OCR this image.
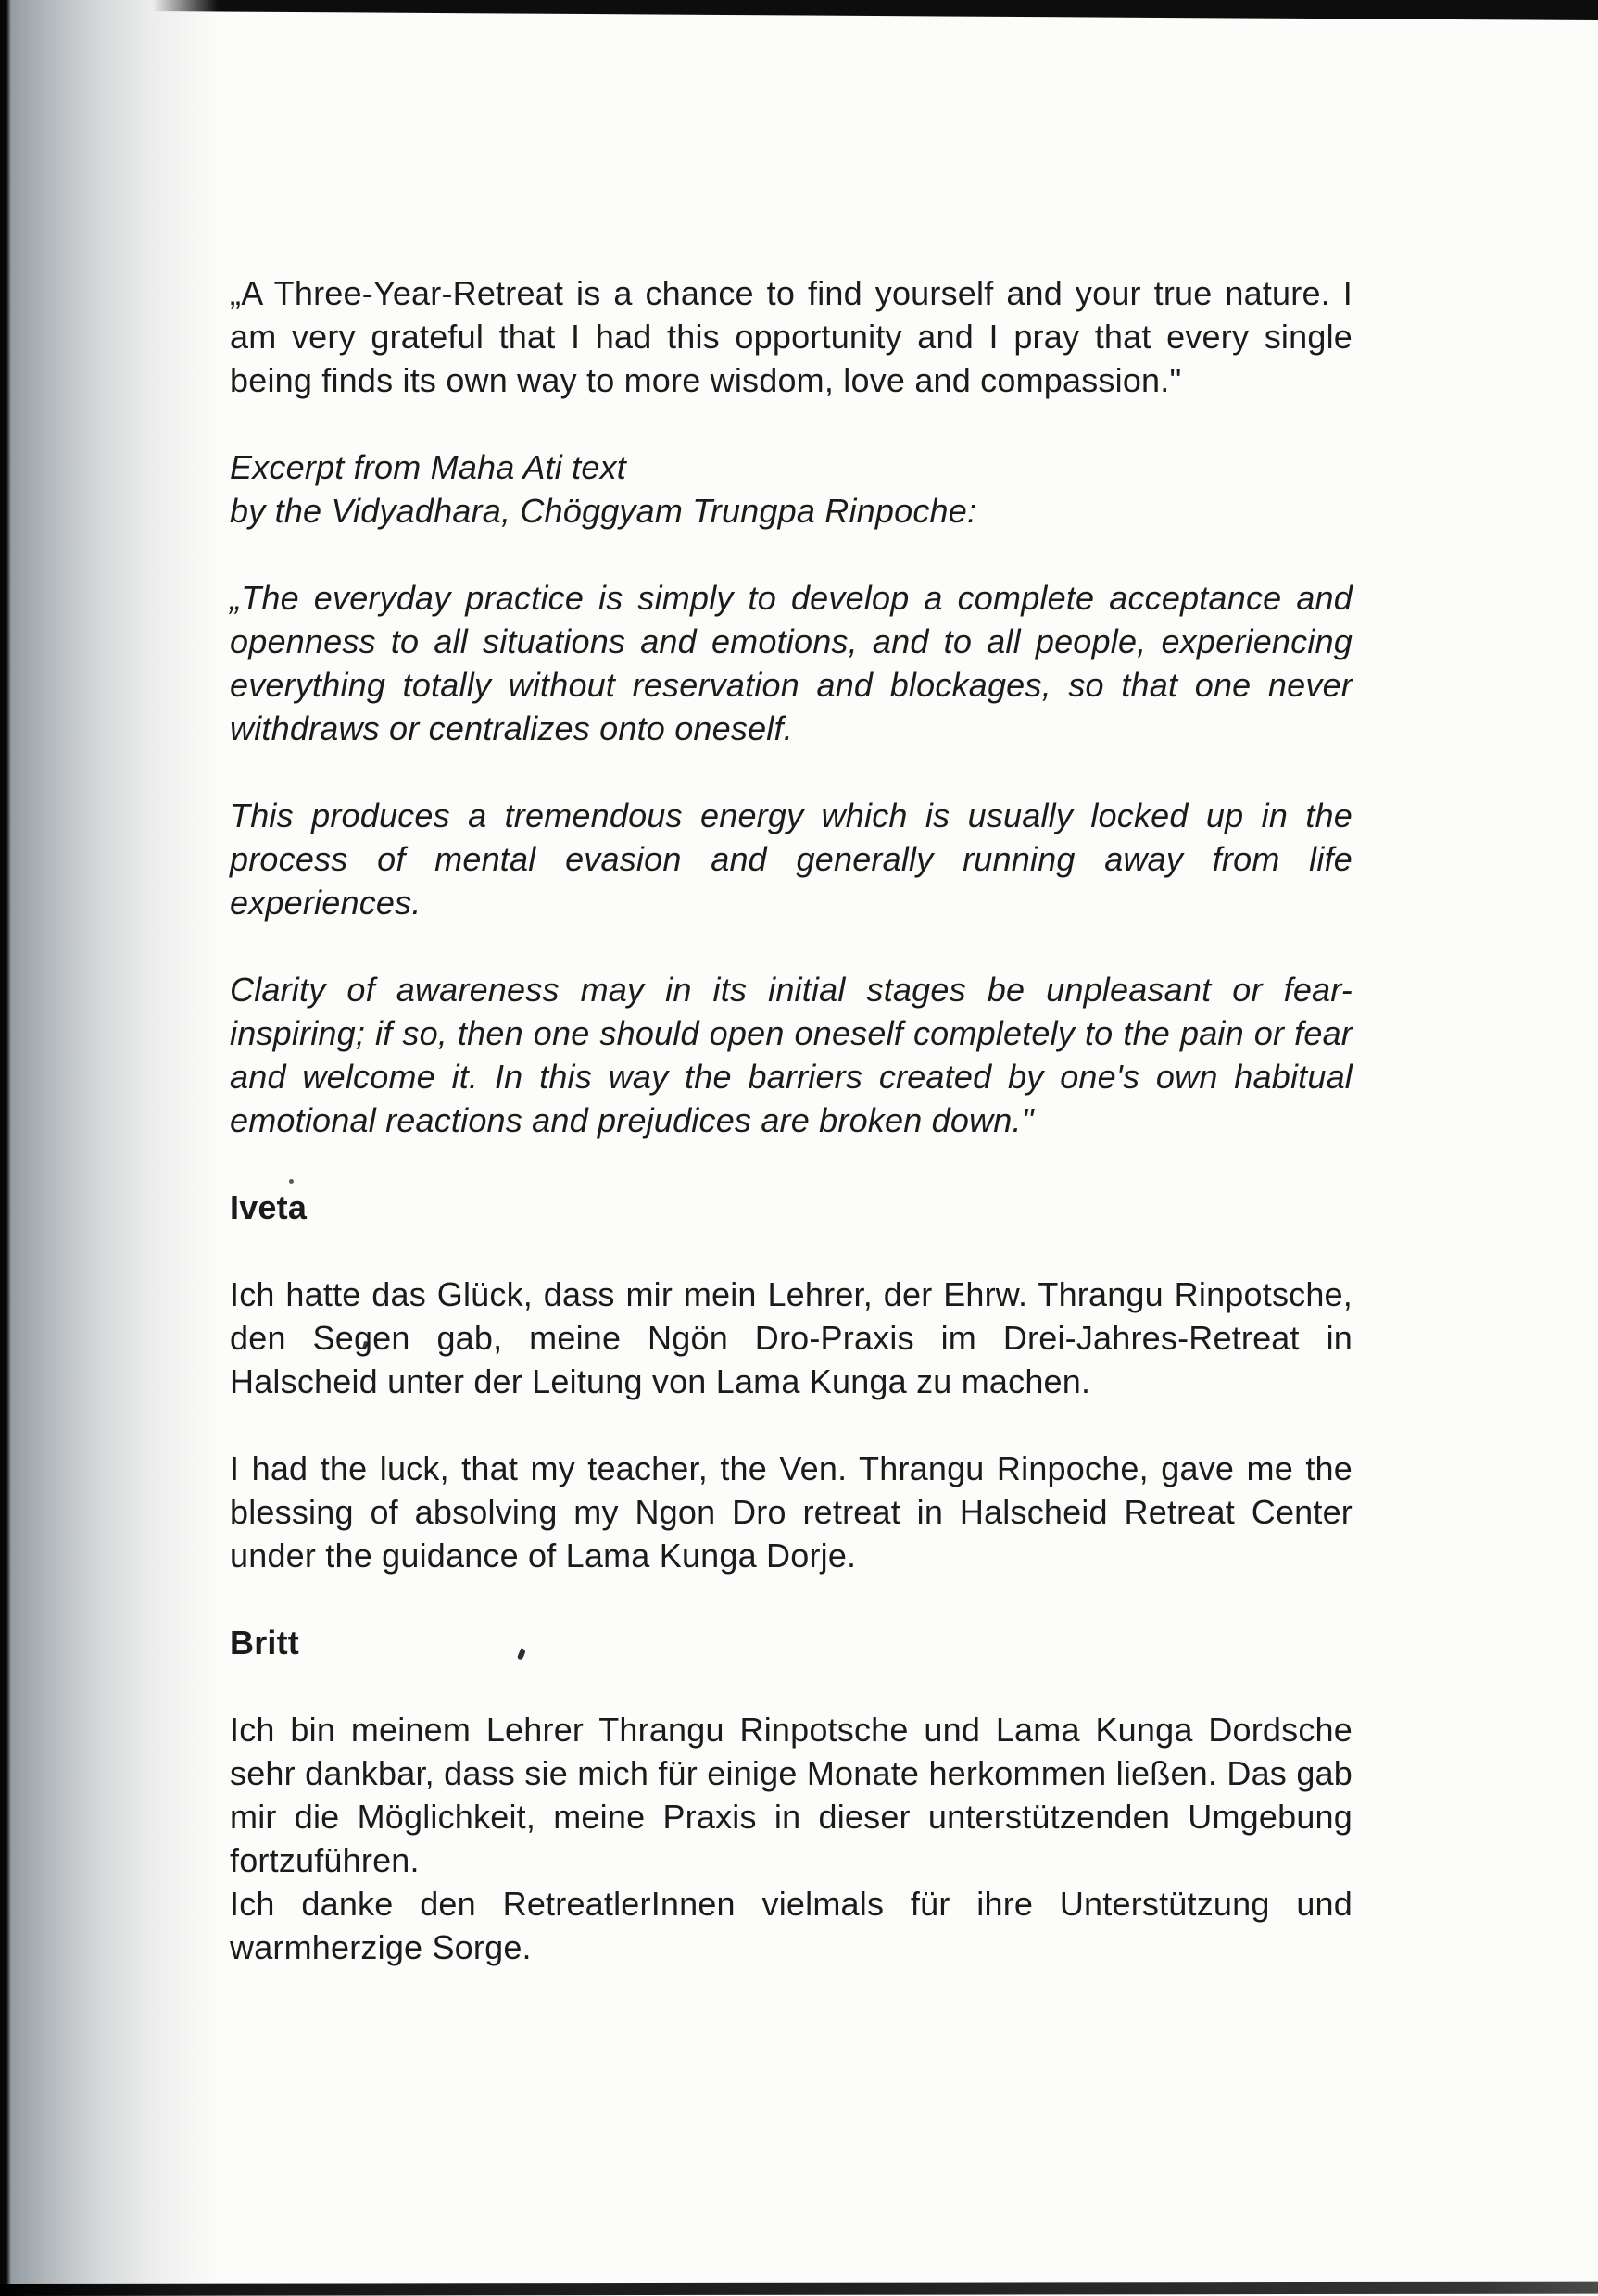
„A Three-Year-Retreat is a chance to find yourself and your true nature. I am very grateful that I had this opportunity and I pray that every single being finds its own way to more wisdom, love and compassion."

Excerpt from Maha Ati text

by the Vidyadhara, Chöggyam Trungpa Rinpoche:

„The everyday practice is simply to develop a complete acceptance and openness to all situations and emotions, and to all people, experiencing everything totally without reservation and blockages, so that one never withdraws or centralizes onto oneself.

This produces a tremendous energy which is usually locked up in the process of mental evasion and generally running away from life experiences.

Clarity of awareness may in its initial stages be unpleasant or fear-inspiring; if so, then one should open oneself completely to the pain or fear and welcome it. In this way the barriers created by one's own habitual emotional reactions and prejudices are broken down."

Iveta

Ich hatte das Glück, dass mir mein Lehrer, der Ehrw. Thrangu Rinpotsche, den Segen gab, meine Ngön Dro-Praxis im Drei-Jahres-Retreat in Halscheid unter der Leitung von Lama Kunga zu machen.

I had the luck, that my teacher, the Ven. Thrangu Rinpoche, gave me the blessing of absolving my Ngon Dro retreat in Halscheid Retreat Center under the guidance of Lama Kunga Dorje.

Britt

Ich bin meinem Lehrer Thrangu Rinpotsche und Lama Kunga Dordsche sehr dankbar, dass sie mich für einige Monate herkommen ließen. Das gab mir die Möglichkeit, meine Praxis in dieser unterstützenden Umgebung fortzuführen.

Ich danke den RetreatlerInnen vielmals für ihre Unterstützung und warmherzige Sorge.
